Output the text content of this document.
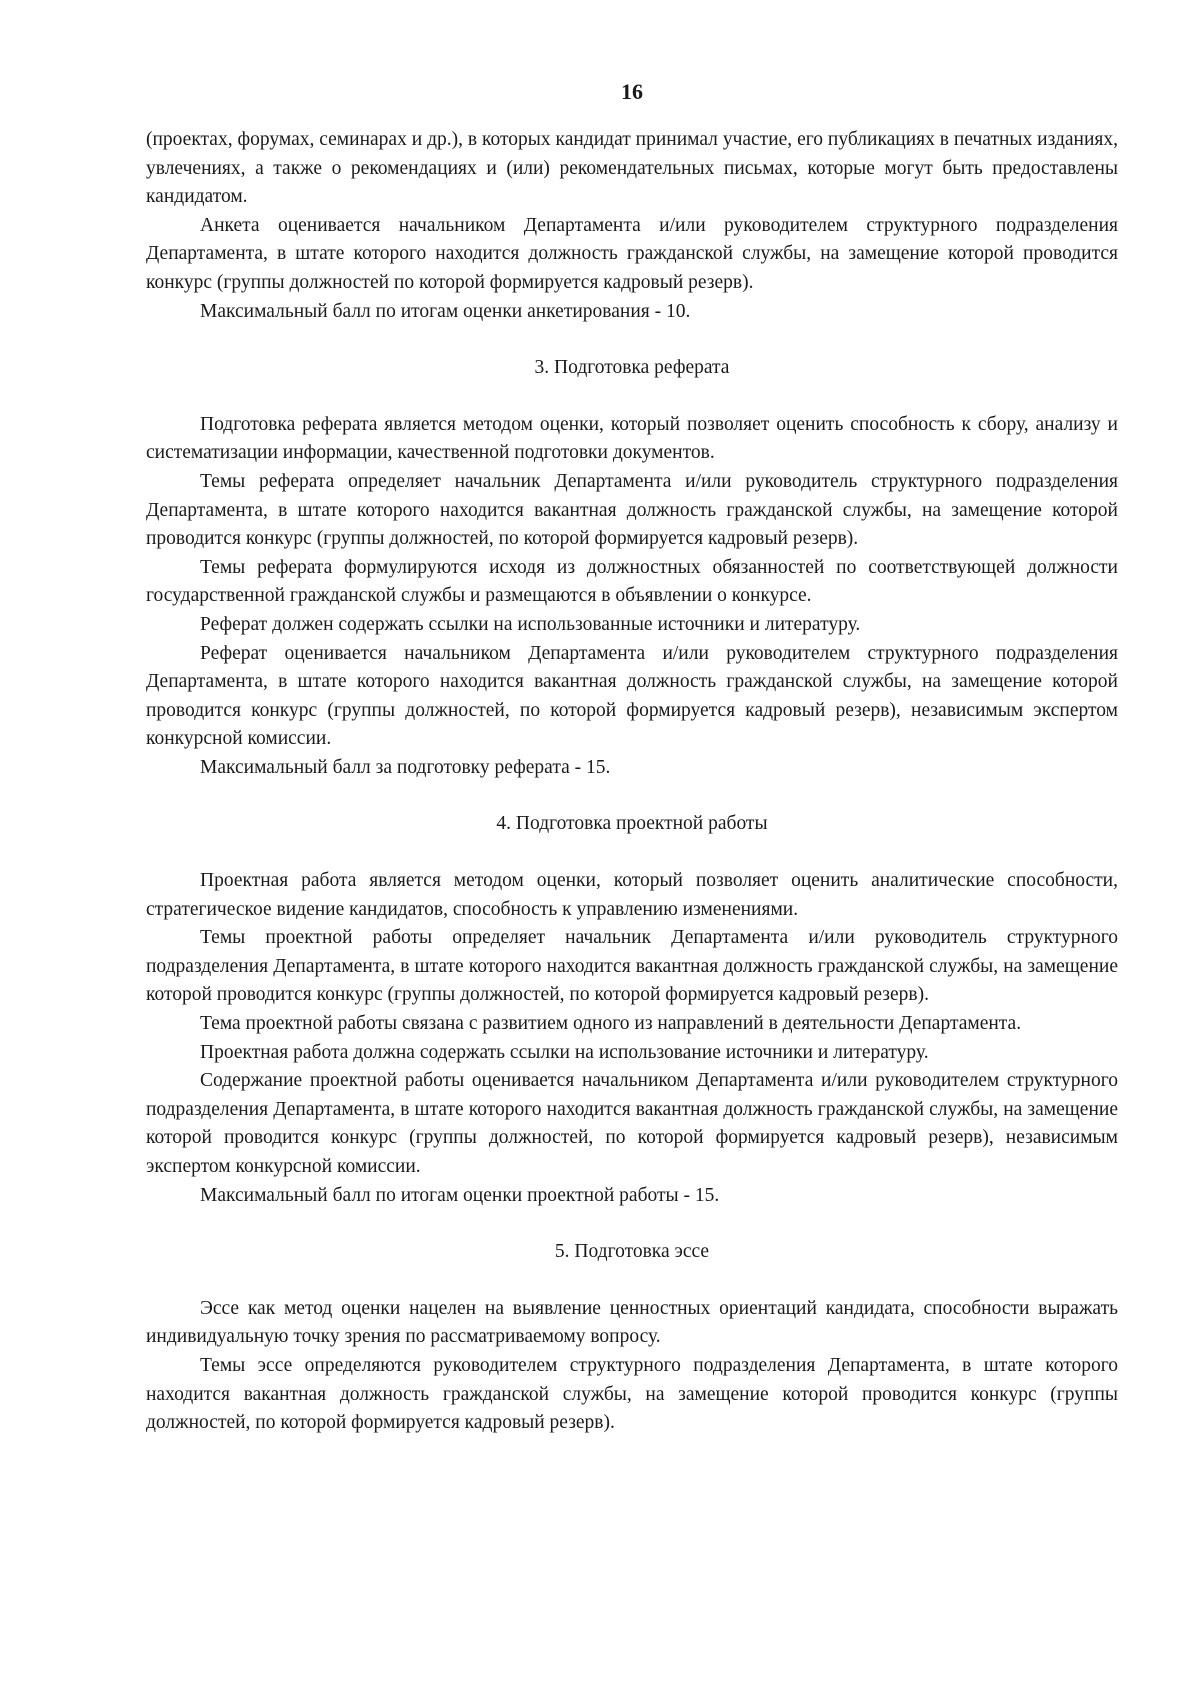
16

(проектах, форумах, семинарах и др.), в которых кандидат принимал участие, его публикациях в печатных изданиях, увлечениях, а также о рекомендациях и (или) рекомендательных письмах, которые могут быть предоставлены кандидатом.

Анкета оценивается начальником Департамента и/или руководителем структурного подразделения Департамента, в штате которого находится должность гражданской службы, на замещение которой проводится конкурс (группы должностей по которой формируется кадровый резерв).

Максимальный балл по итогам оценки анкетирования - 10.

3. Подготовка реферата

Подготовка реферата является методом оценки, который позволяет оценить способность к сбору, анализу и систематизации информации, качественной подготовки документов.

Темы реферата определяет начальник Департамента и/или руководитель структурного подразделения Департамента, в штате которого находится вакантная должность гражданской службы, на замещение которой проводится конкурс (группы должностей, по которой формируется кадровый резерв).

Темы реферата формулируются исходя из должностных обязанностей по соответствующей должности государственной гражданской службы и размещаются в объявлении о конкурсе.

Реферат должен содержать ссылки на использованные источники и литературу.

Реферат оценивается начальником Департамента и/или руководителем структурного подразделения Департамента, в штате которого находится вакантная должность гражданской службы, на замещение которой проводится конкурс (группы должностей, по которой формируется кадровый резерв), независимым экспертом конкурсной комиссии.

Максимальный балл за подготовку реферата - 15.

4. Подготовка проектной работы

Проектная работа является методом оценки, который позволяет оценить аналитические способности, стратегическое видение кандидатов, способность к управлению изменениями.

Темы проектной работы определяет начальник Департамента и/или руководитель структурного подразделения Департамента, в штате которого находится вакантная должность гражданской службы, на замещение которой проводится конкурс (группы должностей, по которой формируется кадровый резерв).

Тема проектной работы связана с развитием одного из направлений в деятельности Департамента.

Проектная работа должна содержать ссылки на использование источники и литературу.

Содержание проектной работы оценивается начальником Департамента и/или руководителем структурного подразделения Департамента, в штате которого находится вакантная должность гражданской службы, на замещение которой проводится конкурс (группы должностей, по которой формируется кадровый резерв), независимым экспертом конкурсной комиссии.

Максимальный балл по итогам оценки проектной работы - 15.

5. Подготовка эссе

Эссе как метод оценки нацелен на выявление ценностных ориентаций кандидата, способности выражать индивидуальную точку зрения по рассматриваемому вопросу.

Темы эссе определяются руководителем структурного подразделения Департамента, в штате которого находится вакантная должность гражданской службы, на замещение которой проводится конкурс (группы должностей, по которой формируется кадровый резерв).
